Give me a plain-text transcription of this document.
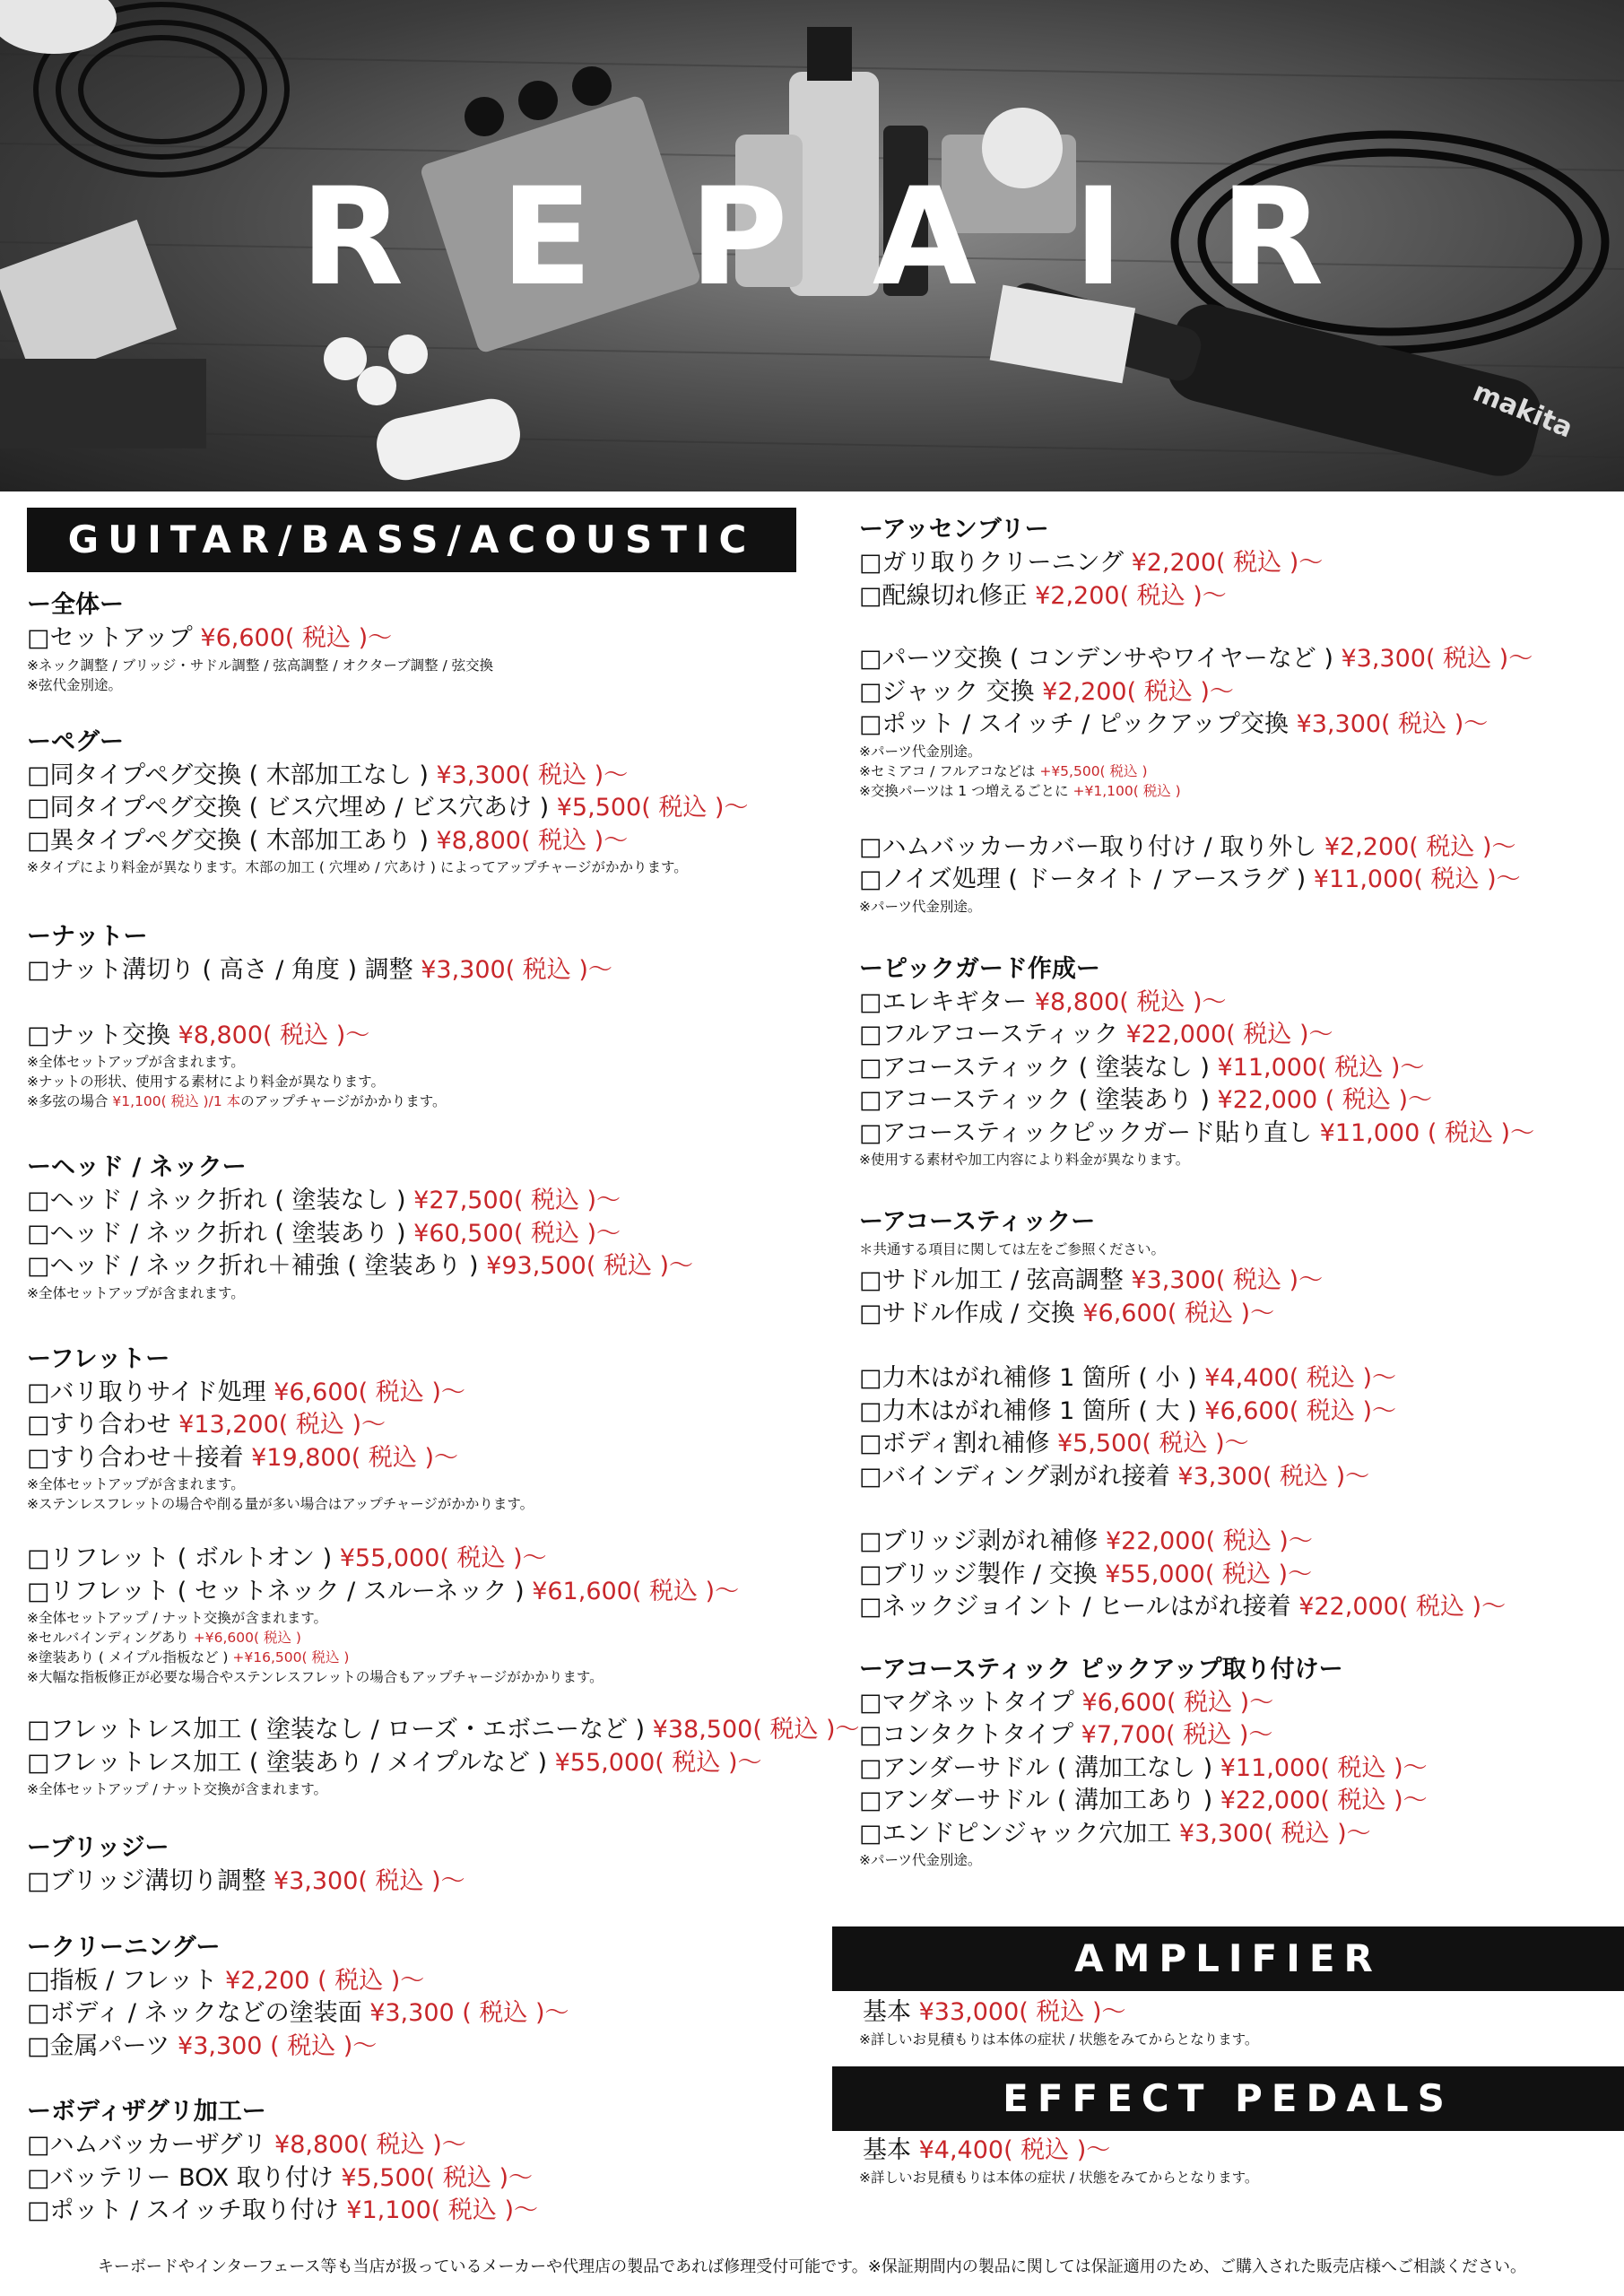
REPAIR
makita
GUITAR/BASS/ACOUSTIC
ー全体ー
□セットアップ ¥6,600( 税込 )～
※ネック調整 / ブリッジ・サドル調整 / 弦高調整 / オクターブ調整 / 弦交換
※弦代金別途。
ーペグー
□同タイプペグ交換 ( 木部加工なし ) ¥3,300( 税込 )～
□同タイプペグ交換 ( ビス穴埋め / ビス穴あけ ) ¥5,500( 税込 )～
□異タイプペグ交換 ( 木部加工あり ) ¥8,800( 税込 )～
※タイプにより料金が異なります。木部の加工 ( 穴埋め / 穴あけ ) によってアップチャージがかかります。
ーナットー
□ナット溝切り ( 高さ / 角度 ) 調整 ¥3,300( 税込 )～
□ナット交換 ¥8,800( 税込 )～
※全体セットアップが含まれます。
※ナットの形状、使用する素材により料金が異なります。
※多弦の場合 ¥1,100( 税込 )/1 本のアップチャージがかかります。
ーヘッド / ネックー
□ヘッド / ネック折れ ( 塗装なし ) ¥27,500( 税込 )～
□ヘッド / ネック折れ ( 塗装あり ) ¥60,500( 税込 )～
□ヘッド / ネック折れ＋補強 ( 塗装あり ) ¥93,500( 税込 )～
※全体セットアップが含まれます。
ーフレットー
□バリ取りサイド処理 ¥6,600( 税込 )～
□すり合わせ ¥13,200( 税込 )～
□すり合わせ＋接着 ¥19,800( 税込 )～
※全体セットアップが含まれます。
※ステンレスフレットの場合や削る量が多い場合はアップチャージがかかります。
□リフレット ( ボルトオン ) ¥55,000( 税込 )～
□リフレット ( セットネック / スルーネック ) ¥61,600( 税込 )～
※全体セットアップ / ナット交換が含まれます。
※セルバインディングあり +¥6,600( 税込 )
※塗装あり ( メイプル指板など ) +¥16,500( 税込 )
※大幅な指板修正が必要な場合やステンレスフレットの場合もアップチャージがかかります。
□フレットレス加工 ( 塗装なし / ローズ・エボニーなど ) ¥38,500( 税込 )～
□フレットレス加工 ( 塗装あり / メイプルなど ) ¥55,000( 税込 )～
※全体セットアップ / ナット交換が含まれます。
ーブリッジー
□ブリッジ溝切り調整 ¥3,300( 税込 )～
ークリーニングー
□指板 / フレット ¥2,200 ( 税込 )～
□ボディ / ネックなどの塗装面 ¥3,300 ( 税込 )～
□金属パーツ ¥3,300 ( 税込 )～
ーボディザグリ加工ー
□ハムバッカーザグリ ¥8,800( 税込 )～
□バッテリー BOX 取り付け ¥5,500( 税込 )～
□ポット / スイッチ取り付け ¥1,100( 税込 )～
ーアッセンブリー
□ガリ取りクリーニング ¥2,200( 税込 )～
□配線切れ修正 ¥2,200( 税込 )～
□パーツ交換 ( コンデンサやワイヤーなど ) ¥3,300( 税込 )～
□ジャック 交換 ¥2,200( 税込 )～
□ポット / スイッチ / ピックアップ交換 ¥3,300( 税込 )～
※パーツ代金別途。
※セミアコ / フルアコなどは +¥5,500( 税込 )
※交換パーツは 1 つ増えるごとに +¥1,100( 税込 )
□ハムバッカーカバー取り付け / 取り外し ¥2,200( 税込 )～
□ノイズ処理 ( ドータイト / アースラグ ) ¥11,000( 税込 )～
※パーツ代金別途。
ーピックガード作成ー
□エレキギター ¥8,800( 税込 )～
□フルアコースティック ¥22,000( 税込 )～
□アコースティック ( 塗装なし ) ¥11,000( 税込 )～
□アコースティック ( 塗装あり ) ¥22,000 ( 税込 )～
□アコースティックピックガード貼り直し ¥11,000 ( 税込 )～
※使用する素材や加工内容により料金が異なります。
ーアコースティックー
＊共通する項目に関しては左をご参照ください。
□サドル加工 / 弦高調整 ¥3,300( 税込 )～
□サドル作成 / 交換 ¥6,600( 税込 )～
□力木はがれ補修 1 箇所 ( 小 ) ¥4,400( 税込 )～
□力木はがれ補修 1 箇所 ( 大 ) ¥6,600( 税込 )～
□ボディ割れ補修 ¥5,500( 税込 )～
□バインディング剥がれ接着 ¥3,300( 税込 )～
□ブリッジ剥がれ補修 ¥22,000( 税込 )～
□ブリッジ製作 / 交換 ¥55,000( 税込 )～
□ネックジョイント / ヒールはがれ接着 ¥22,000( 税込 )～
ーアコースティック ピックアップ取り付けー
□マグネットタイプ ¥6,600( 税込 )～
□コンタクトタイプ ¥7,700( 税込 )～
□アンダーサドル ( 溝加工なし ) ¥11,000( 税込 )～
□アンダーサドル ( 溝加工あり ) ¥22,000( 税込 )～
□エンドピンジャック穴加工 ¥3,300( 税込 )～
※パーツ代金別途。
AMPLIFIER
基本 ¥33,000( 税込 )～
※詳しいお見積もりは本体の症状 / 状態をみてからとなります。
EFFECT PEDALS
基本 ¥4,400( 税込 )～
※詳しいお見積もりは本体の症状 / 状態をみてからとなります。
キーボードやインターフェース等も当店が扱っているメーカーや代理店の製品であれば修理受付可能です。※保証期間内の製品に関しては保証適用のため、ご購入された販売店様へご相談ください。
